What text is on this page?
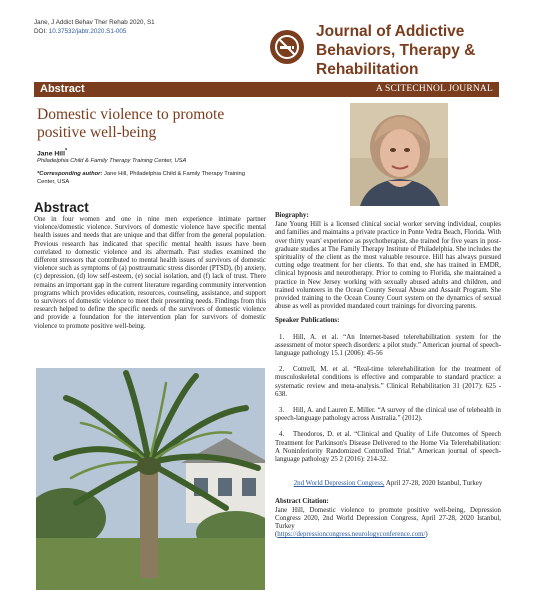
Jane, J Addict Behav Ther Rehab 2020, S1
DOI: 10.37532/jabtr.2020.S1-005	Journal of Addictive Behaviors, Therapy & Rehabilitation
Abstract	A SCITECHNOL JOURNAL
Domestic violence to promote positive well-being
Jane Hill*
Philadelphia Child & Family Therapy Training Center, USA
*Corresponding author: Jane Hill, Philadelphia Child & Family Therapy Training Center, USA
Abstract
One in four women and one in nine men experience intimate partner violence/domestic violence. Survivors of domestic violence have specific mental health issues and needs that are unique and that differ from the general population. Previous research has indicated that specific mental health issues have been correlated to domestic violence and its aftermath. Past studies examined the different stressors that contributed to mental health issues of survivors of domestic violence such as symptoms of (a) posttraumatic stress disorder (PTSD), (b) anxiety, (c) depression, (d) low self-esteem, (e) social isolation, and (f) lack of trust. There remains an important gap in the current literature regarding community intervention programs which provides education, resources, counseling, assistance, and support to survivors of domestic violence to meet their presenting needs. Findings from this research helped to define the specific needs of the survivors of domestic violence and provide a foundation for the intervention plan for survivors of domestic violence to promote positive well-being.
Biography:
Jane Young Hill is a licensed clinical social worker serving individual, couples and families and maintains a private practice in Ponte Vedra Beach, Florida. With over thirty years' experience as psychotherapist, she trained for five years in post-graduate studies at The Family Therapy Institute of Philadelphia. She includes the spirituality of the client as the most valuable resource. Hill has always pursued cutting edge treatment for her clients. To that end, she has trained in EMDR, clinical hypnosis and neurotherapy. Prior to coming to Florida, she maintained a practice in New Jersey working with sexually abused adults and children, and trained volunteers in the Ocean County Sexual Abuse and Assault Program. She provided training to the Ocean County Court system on the dynamics of sexual abuse as well as provided mandated court trainings for divorcing parents.
Speaker Publications:
1. Hill, A. et al. “An Internet-based telerehabilitation system for the assessment of motor speech disorders: a pilot study.” American journal of speech-language pathology 15.1 (2006): 45-56
2. Cottrell, M. et al. “Real-time telerehabilitation for the treatment of musculoskeletal conditions is effective and comparable to standard practice: a systematic review and meta-analysis.” Clinical Rehabilitation 31 (2017): 625 - 638.
3. Hill, A. and Lauren E. Miller. “A survey of the clinical use of telehealth in speech-language pathology across Australia.” (2012).
4. Theodoros, D. et al. “Clinical and Quality of Life Outcomes of Speech Treatment for Parkinson's Disease Delivered to the Home Via Telerehabilitation: A Noninferiority Randomized Controlled Trial.” American journal of speech-language pathology 25 2 (2016): 214-32.
2nd World Depression Congress, April 27-28, 2020 Istanbul, Turkey
Abstract Citation:
Jane Hill, Domestic violence to promote positive well-being, Depression Congress 2020, 2nd World Depression Congress, April 27-28, 2020 Istanbul, Turkey
(https://depressioncongress.neurologyconference.com/)
